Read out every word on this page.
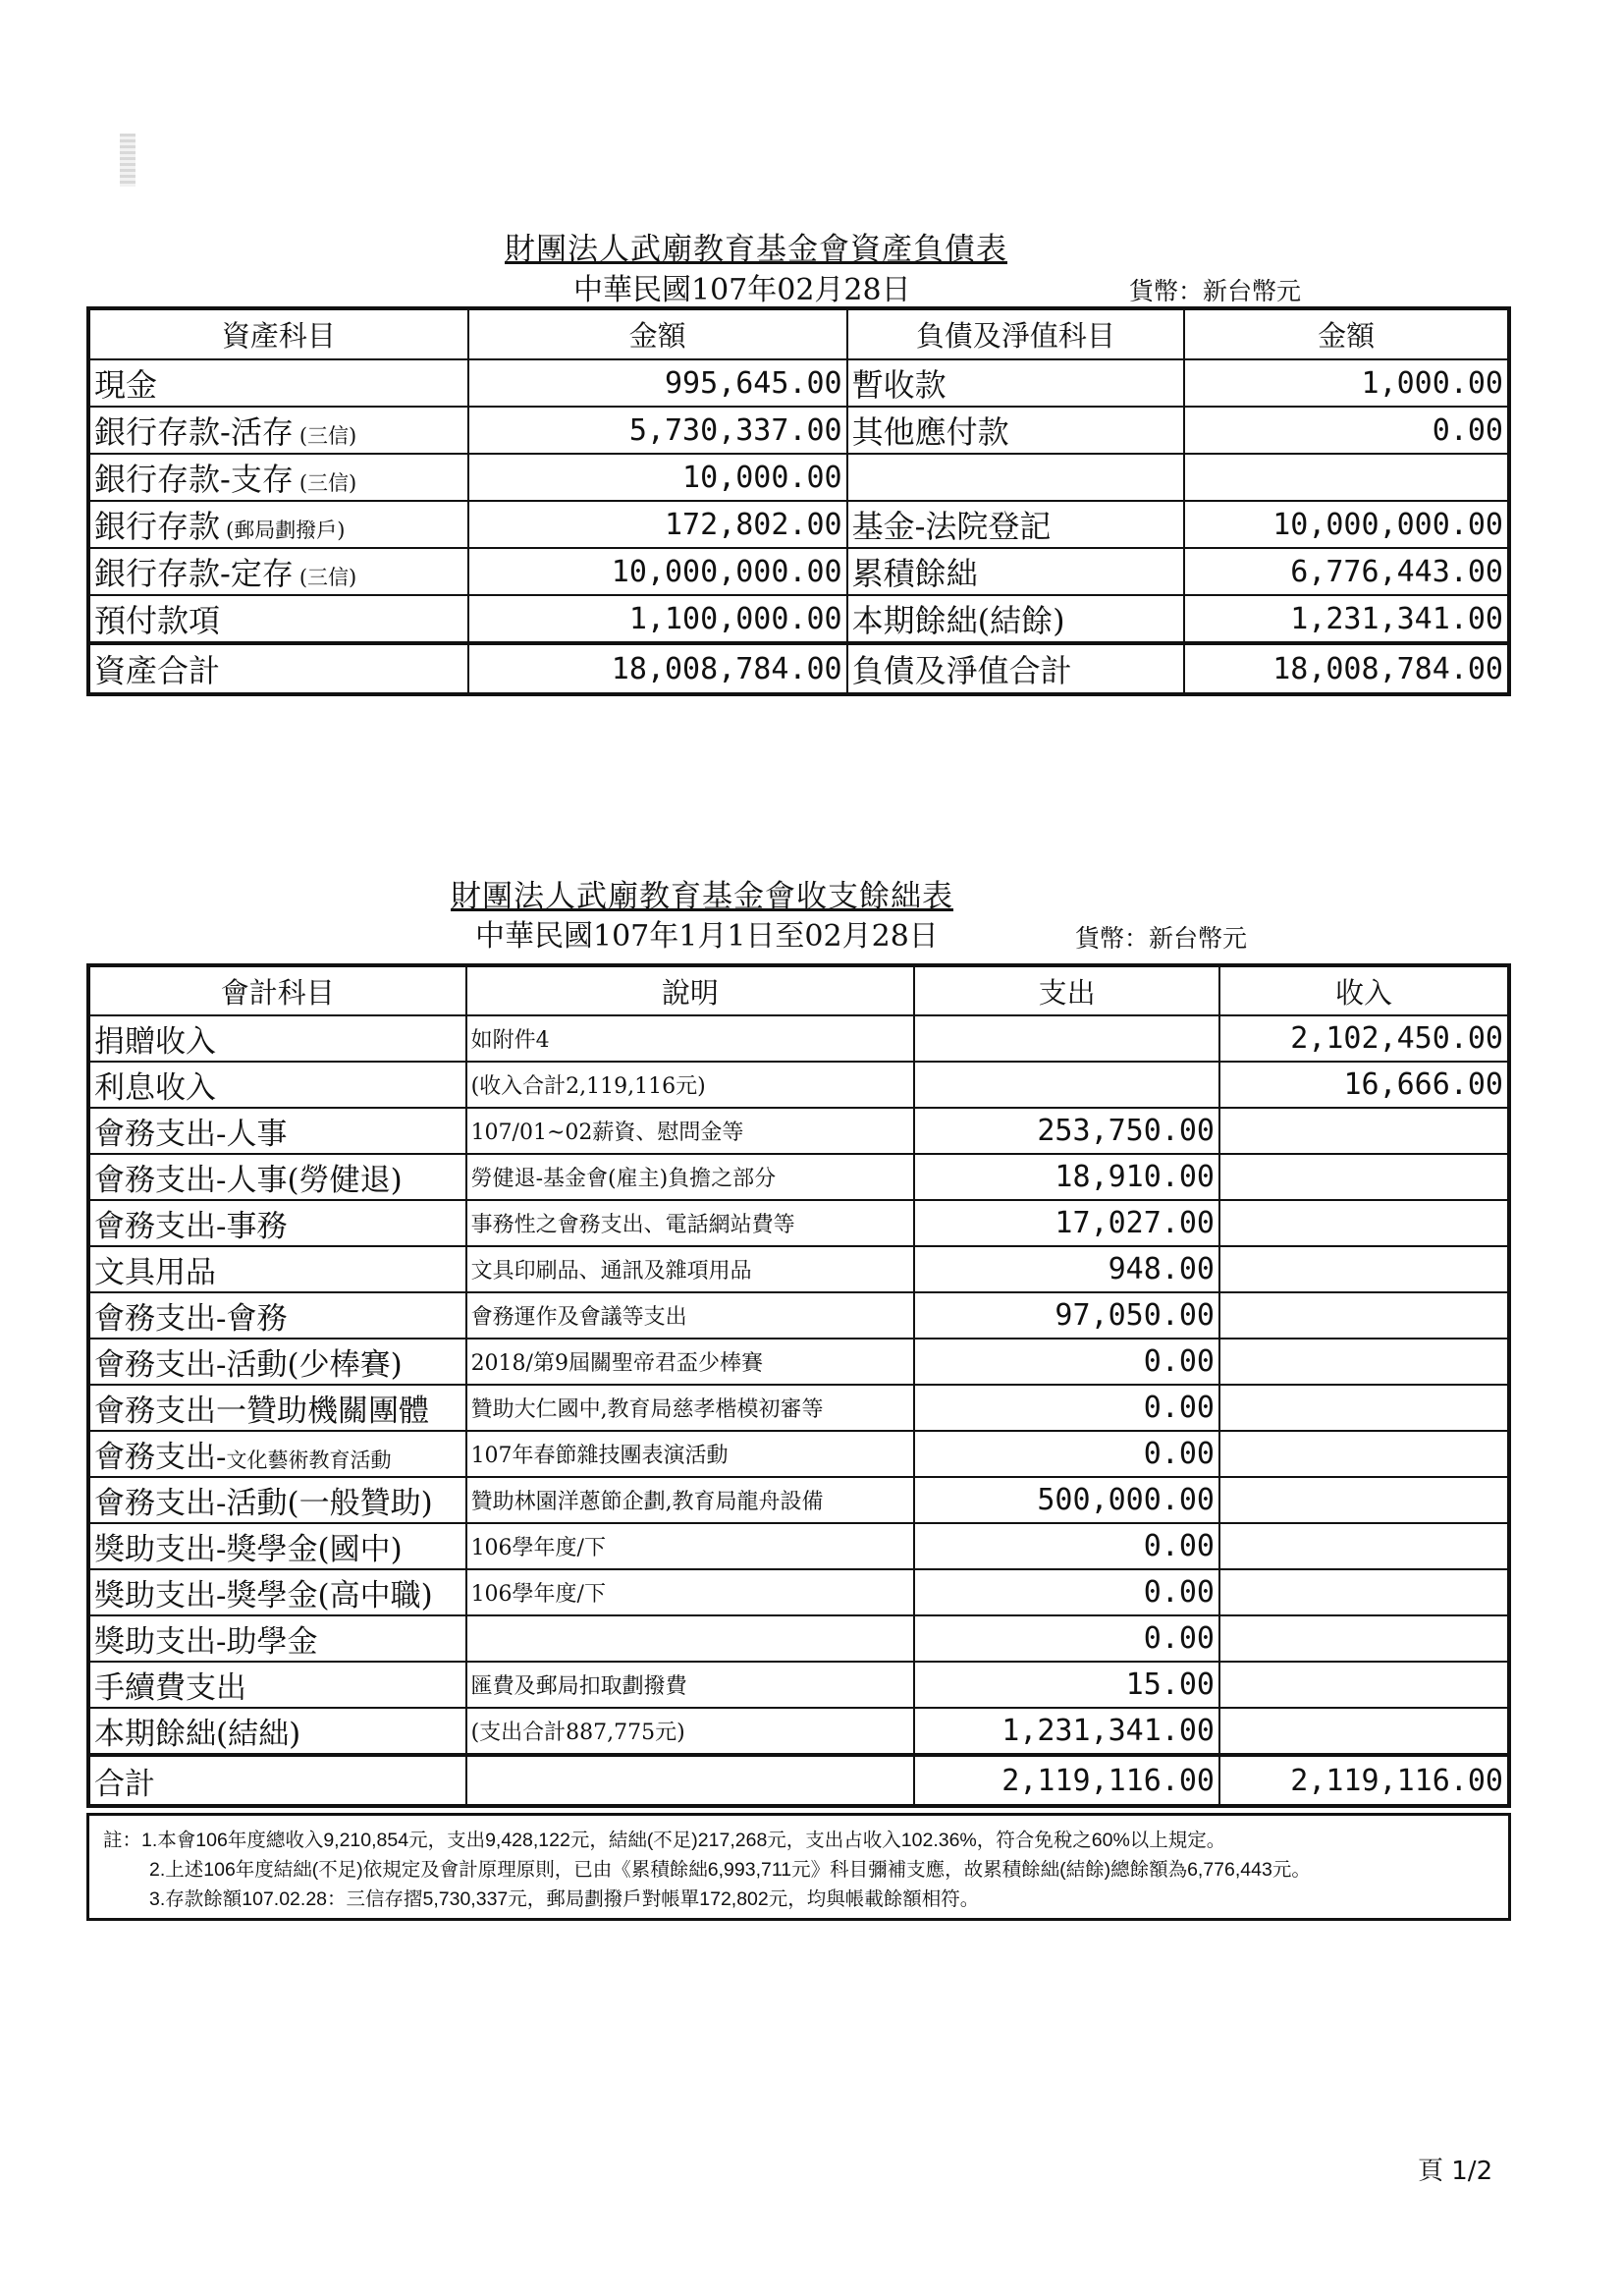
財團法人武廟教育基金會資產負債表
中華民國107年02月28日	貨幣：新台幣元
資產科目	金額	負債及淨值科目	金額
現金	995,645.00	暫收款	1,000.00
銀行存款-活存 (三信)	5,730,337.00	其他應付款	0.00
銀行存款-支存 (三信)	10,000.00		
銀行存款 (郵局劃撥戶)	172,802.00	基金-法院登記	10,000,000.00
銀行存款-定存 (三信)	10,000,000.00	累積餘絀	6,776,443.00
預付款項	1,100,000.00	本期餘絀(結餘)	1,231,341.00
資產合計	18,008,784.00	負債及淨值合計	18,008,784.00
財團法人武廟教育基金會收支餘絀表
中華民國107年1月1日至02月28日	貨幣：新台幣元
會計科目	說明	支出	收入
捐贈收入	如附件4		2,102,450.00
利息收入	(收入合計2,119,116元)		16,666.00
會務支出-人事	107/01~02薪資、慰問金等	253,750.00	
會務支出-人事(勞健退)	勞健退-基金會(雇主)負擔之部分	18,910.00	
會務支出-事務	事務性之會務支出、電話網站費等	17,027.00	
文具用品	文具印刷品、通訊及雜項用品	948.00	
會務支出-會務	會務運作及會議等支出	97,050.00	
會務支出-活動(少棒賽)	2018/第9屆關聖帝君盃少棒賽	0.00	
會務支出一贊助機關團體	贊助大仁國中,教育局慈孝楷模初審等	0.00	
會務支出-文化藝術教育活動	107年春節雜技團表演活動	0.00	
會務支出-活動(一般贊助)	贊助林園洋蔥節企劃,教育局龍舟設備	500,000.00	
獎助支出-獎學金(國中)	106學年度/下	0.00	
獎助支出-獎學金(高中職)	106學年度/下	0.00	
獎助支出-助學金		0.00	
手續費支出	匯費及郵局扣取劃撥費	15.00	
本期餘絀(結絀)	(支出合計887,775元)	1,231,341.00	
合計		2,119,116.00	2,119,116.00
註：1.本會106年度總收入9,210,854元，支出9,428,122元，結絀(不足)217,268元，支出占收入102.36%，符合免稅之60%以上規定。
2.上述106年度結絀(不足)依規定及會計原理原則，已由《累積餘絀6,993,711元》科目彌補支應，故累積餘絀(結餘)總餘額為6,776,443元。
3.存款餘額107.02.28：三信存摺5,730,337元，郵局劃撥戶對帳單172,802元，均與帳載餘額相符。
頁 1/2
